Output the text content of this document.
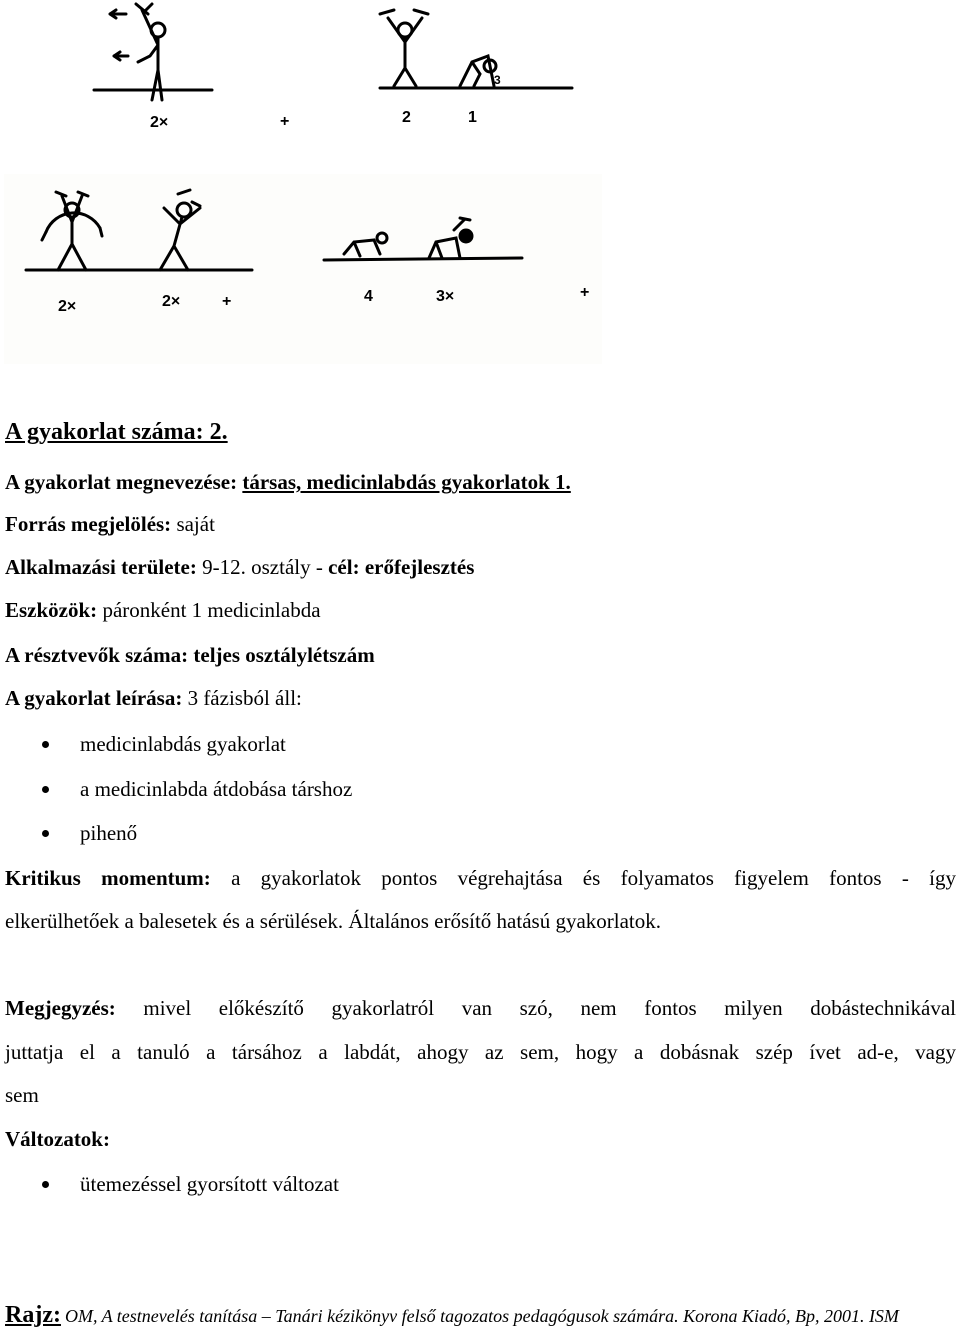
2×	+	2	1
3
2×	2×	+	4	3×	+
A gyakorlat száma: 2.
A gyakorlat megnevezése: társas, medicinlabdás gyakorlatok 1.
Forrás megjelölés: saját
Alkalmazási területe: 9-12. osztály - cél: erőfejlesztés
Eszközök: páronként 1 medicinlabda
A résztvevők száma: teljes osztálylétszám
A gyakorlat leírása: 3 fázisból áll:
medicinlabdás gyakorlat
a medicinlabda átdobása társhoz
pihenő
Kritikus momentum: a gyakorlatok pontos végrehajtása és folyamatos figyelem fontos - így
elkerülhetőek a balesetek és a sérülések. Általános erősítő hatású gyakorlatok.
Megjegyzés: mivel előkészítő gyakorlatról van szó, nem fontos milyen dobástechnikával
juttatja el a tanuló a társához a labdát, ahogy az sem, hogy a dobásnak szép ívet ad-e, vagy
sem
Változatok:
ütemezéssel gyorsított változat
Rajz: OM, A testnevelés tanítása – Tanári kézikönyv felső tagozatos pedagógusok számára. Korona Kiadó, Bp, 2001. ISM
